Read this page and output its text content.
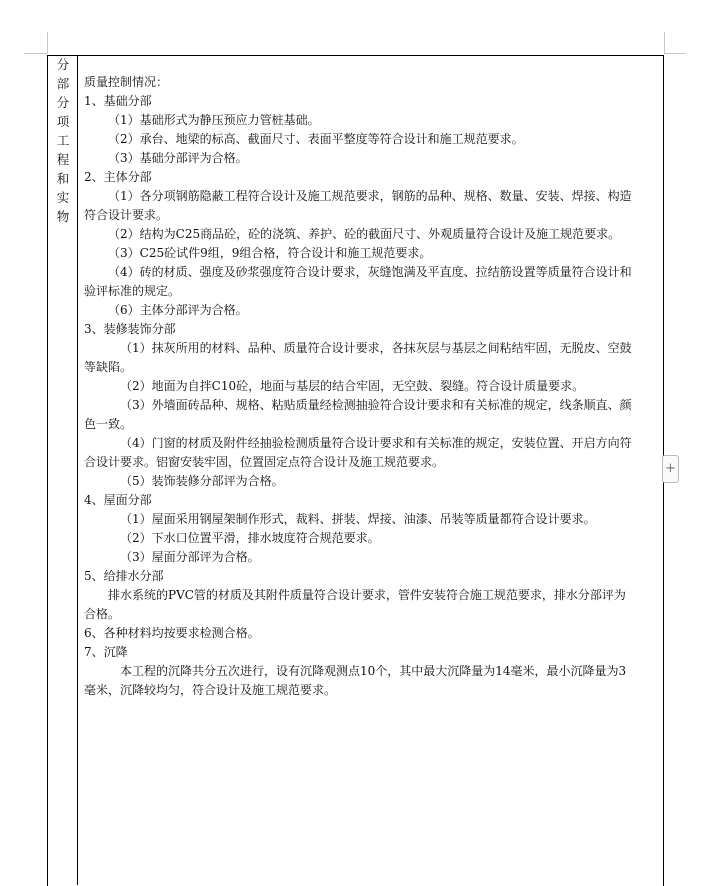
分
部
分
项
工
程
和
实
物
质量控制情况：
1、基础分部
（1）基础形式为静压预应力管桩基础。
（2）承台、地梁的标高、截面尺寸、表面平整度等符合设计和施工规范要求。
（3）基础分部评为合格。
2、主体分部
（1）各分项钢筋隐蔽工程符合设计及施工规范要求，钢筋的品种、规格、数量、安装、焊接、构造
符合设计要求。
（2）结构为C25商品砼，砼的浇筑、养护、砼的截面尺寸、外观质量符合设计及施工规范要求。
（3）C25砼试件9组，9组合格，符合设计和施工规范要求。
（4）砖的材质、强度及砂浆强度符合设计要求，灰缝饱满及平直度、拉结筋设置等质量符合设计和
验评标准的规定。
（6）主体分部评为合格。
3、装修装饰分部
（1）抹灰所用的材料、品种、质量符合设计要求，各抹灰层与基层之间粘结牢固，无脱皮、空鼓
等缺陷。
（2）地面为自拌C10砼，地面与基层的结合牢固，无空鼓、裂缝。符合设计质量要求。
（3）外墙面砖品种、规格、粘贴质量经检测抽验符合设计要求和有关标准的规定，线条顺直、颜
色一致。
（4）门窗的材质及附件经抽验检测质量符合设计要求和有关标准的规定，安装位置、开启方向符
合设计要求。铝窗安装牢固，位置固定点符合设计及施工规范要求。
（5）装饰装修分部评为合格。
4、屋面分部
（1）屋面采用钢屋架制作形式，裁料、拼装、焊接、油漆、吊装等质量都符合设计要求。
（2）下水口位置平滑，排水坡度符合规范要求。
（3）屋面分部评为合格。
5、给排水分部
排水系统的PVC管的材质及其附件质量符合设计要求，管件安装符合施工规范要求，排水分部评为
合格。
6、各种材料均按要求检测合格。
7、沉降
本工程的沉降共分五次进行，设有沉降观测点10个，其中最大沉降量为14毫米，最小沉降量为3
毫米，沉降较均匀，符合设计及施工规范要求。
+
